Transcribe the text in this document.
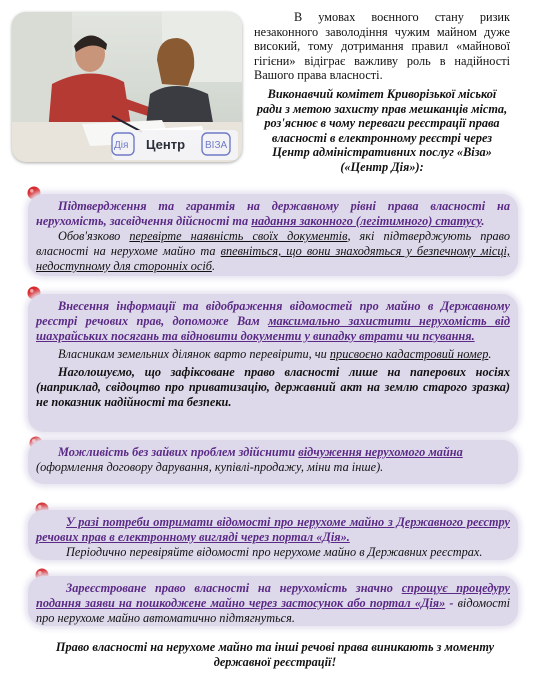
Дія Центр ВІЗА

В умовах воєнного стану ризик незаконного заволодіння чужим майном дуже високий, тому дотримання правил «майнової гігієни» відіграє важливу роль в надійності Вашого права власності.

Виконавчий комітет Криворізької міської ради з метою захисту прав мешканців міста, роз'яснює в чому переваги реєстрації права власності в електронному реєстрі через Центр адміністративних послуг «Віза» («Центр Дія»):

Підтвердження та гарантія на державному рівні права власності на нерухомість, засвідчення дійсності та надання законного (легітимного) статусу.

Обов'язково перевірте наявність своїх документів, які підтверджують право власності на нерухоме майно та впевніться, що вони знаходяться у безпечному місці, недоступному для сторонніх осіб.

Внесення інформації та відображення відомостей про майно в Державному реєстрі речових прав, допоможе Вам максимально захистити нерухомість від шахрайських посягань та відновити документи у випадку втрати чи псування.

Власникам земельних ділянок варто перевірити, чи присвоєно кадастровий номер.

Наголошуємо, що зафіксоване право власності лише на паперових носіях (наприклад, свідоцтво про приватизацію, державний акт на землю старого зразка) не показник надійності та безпеки.

Можливість без зайвих проблем здійснити відчуження нерухомого майна

(оформлення договору дарування, купівлі-продажу, міни та інше).

У разі потреби отримати відомості про нерухоме майно з Державного реєстру речових прав в електронному вигляді через портал «Дія».

Періодично перевіряйте відомості про нерухоме майно в Державних реєстрах.

Зареєстроване право власності на нерухомість значно спрощує процедуру подання заяви на пошкоджене майно через застосунок або портал «Дія» - відомості про нерухоме майно автоматично підтягнуться.

Право власності на нерухоме майно та інші речові права виникають з моменту державної реєстрації!
